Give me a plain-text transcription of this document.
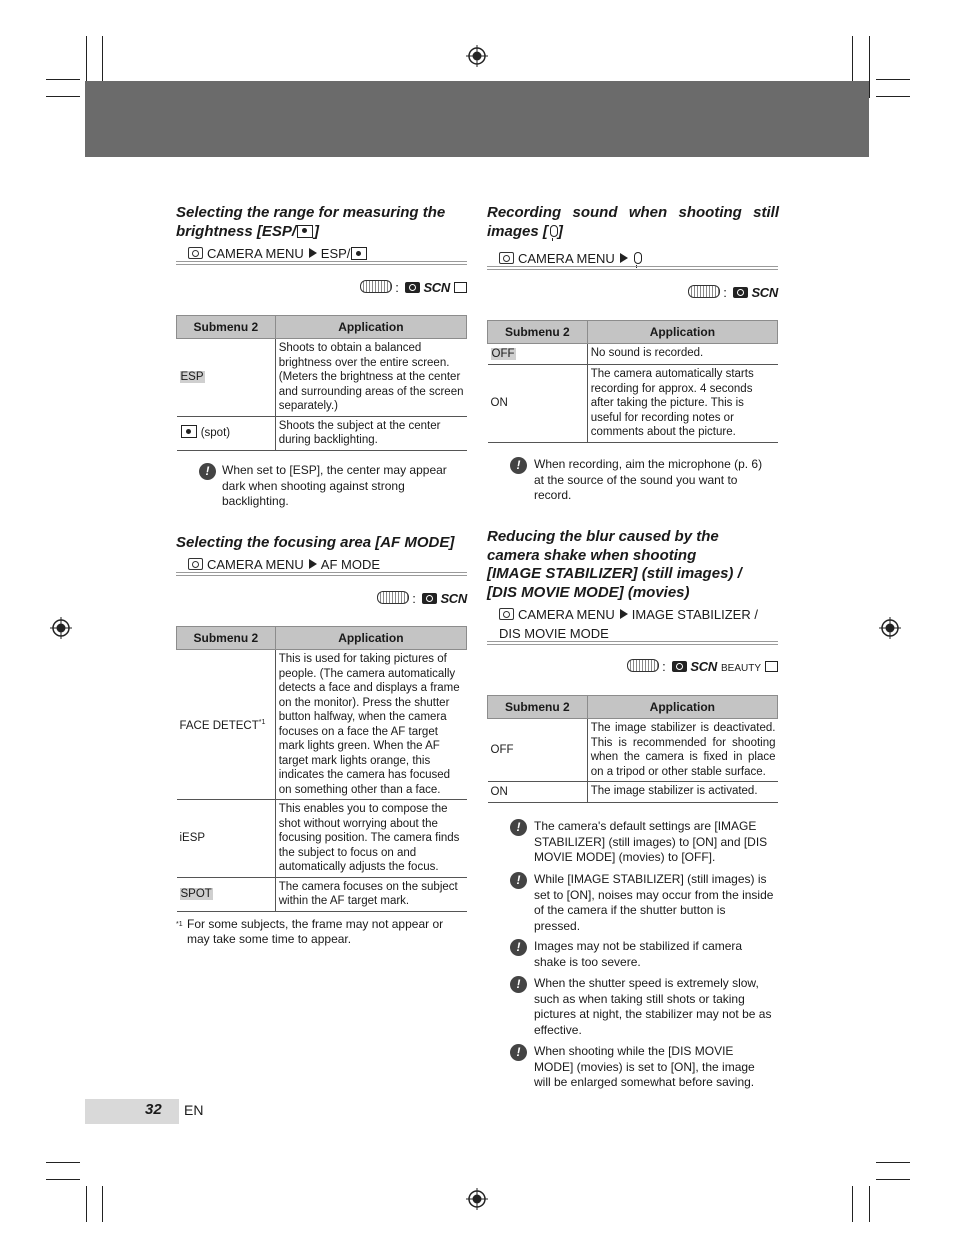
Selecting the range for measuring the brightness [ESP/ ]
CAMERA MENU ESP/
: SCN
Submenu 2	Application
ESP	Shoots to obtain a balanced brightness over the entire screen. (Meters the brightness at the center and surrounding areas of the screen separately.)
(spot)	Shoots the subject at the center during backlighting.
!	When set to [ESP], the center may appear dark when shooting against strong backlighting.
Selecting the focusing area [AF MODE]
CAMERA MENU AF MODE
: SCN
Submenu 2	Application
FACE DETECT$^{*1}$	This is used for taking pictures of people. (The camera automatically detects a face and displays a frame on the monitor). Press the shutter button halfway, when the camera focuses on a face the AF target mark lights green. When the AF target mark lights orange, this indicates the camera has focused on something other than a face.
iESP	This enables you to compose the shot without worrying about the focusing position. The camera finds the subject to focus on and automatically adjusts the focus.
SPOT	The camera focuses on the subject within the AF target mark.
*1 For some subjects, the frame may not appear or may take some time to appear.
Recording sound when shooting still images [ ]
CAMERA MENU
: SCN
Submenu 2	Application
OFF	No sound is recorded.
ON	The camera automatically starts recording for approx. 4 seconds after taking the picture. This is useful for recording notes or comments about the picture.
!	When recording, aim the microphone (p. 6) at the source of the sound you want to record.
Reducing the blur caused by the
camera shake when shooting
[IMAGE STABILIZER] (still images) /
[DIS MOVIE MODE] (movies)
CAMERA MENU IMAGE STABILIZER /
DIS MOVIE MODE
: SCN BEAUTY
Submenu 2	Application
OFF	The image stabilizer is deactivated. This is recommended for shooting when the camera is fixed in place on a tripod or other stable surface.
ON	The image stabilizer is activated.
!	The camera's default settings are [IMAGE STABILIZER] (still images) to [ON] and [DIS MOVIE MODE] (movies) to [OFF].
!	While [IMAGE STABILIZER] (still images) is set to [ON], noises may occur from the inside of the camera if the shutter button is pressed.
!	Images may not be stabilized if camera shake is too severe.
!	When the shutter speed is extremely slow, such as when taking still shots or taking pictures at night, the stabilizer may not be as effective.
!	When shooting while the [DIS MOVIE MODE] (movies) is set to [ON], the image will be enlarged somewhat before saving.
32 EN
